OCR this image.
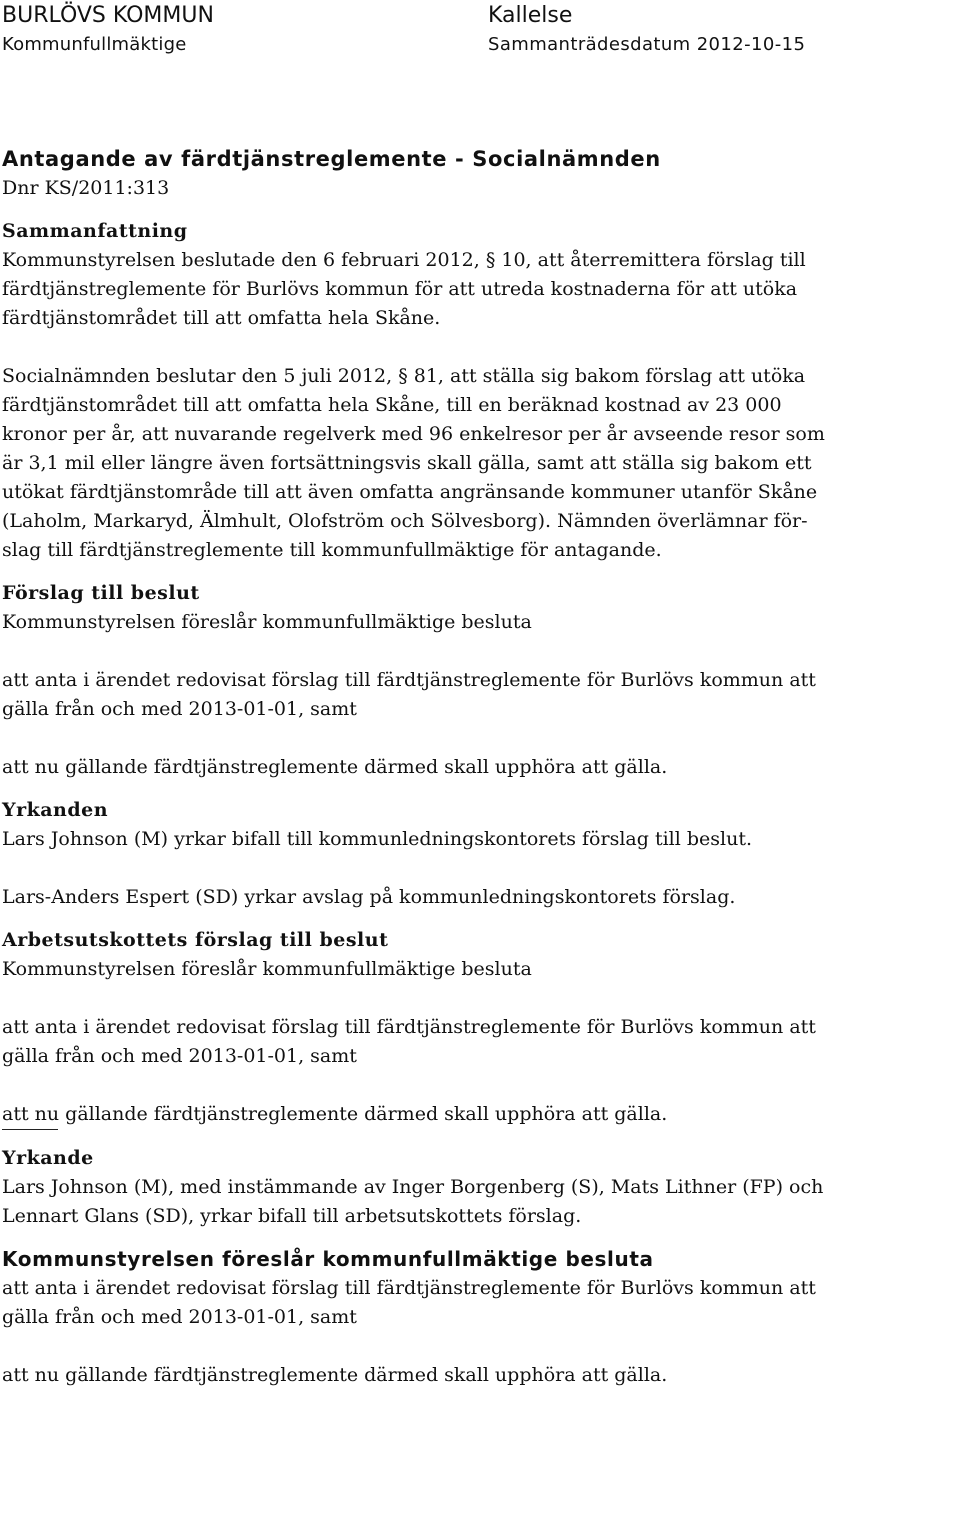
BURLÖVS KOMMUN	Kallelse
Kommunfullmäktige	Sammanträdesdatum 2012-10-15

Antagande av färdtjänstreglemente - Socialnämnden

Dnr KS/2011:313

Sammanfattning

Kommunstyrelsen beslutade den 6 februari 2012, § 10, att återremittera förslag till
färdtjänstreglemente för Burlövs kommun för att utreda kostnaderna för att utöka
färdtjänstområdet till att omfatta hela Skåne.

Socialnämnden beslutar den 5 juli 2012, § 81, att ställa sig bakom förslag att utöka
färdtjänstområdet till att omfatta hela Skåne, till en beräknad kostnad av 23 000
kronor per år, att nuvarande regelverk med 96 enkelresor per år avseende resor som
är 3,1 mil eller längre även fortsättningsvis skall gälla, samt att ställa sig bakom ett
utökat färdtjänstområde till att även omfatta angränsande kommuner utanför Skåne
(Laholm, Markaryd, Älmhult, Olofström och Sölvesborg). Nämnden överlämnar för-
slag till färdtjänstreglemente till kommunfullmäktige för antagande.

Förslag till beslut

Kommunstyrelsen föreslår kommunfullmäktige besluta

att anta i ärendet redovisat förslag till färdtjänstreglemente för Burlövs kommun att
gälla från och med 2013-01-01, samt

att nu gällande färdtjänstreglemente därmed skall upphöra att gälla.

Yrkanden

Lars Johnson (M) yrkar bifall till kommunledningskontorets förslag till beslut.

Lars-Anders Espert (SD) yrkar avslag på kommunledningskontorets förslag.

Arbetsutskottets förslag till beslut

Kommunstyrelsen föreslår kommunfullmäktige besluta

att anta i ärendet redovisat förslag till färdtjänstreglemente för Burlövs kommun att
gälla från och med 2013-01-01, samt

att nu gällande färdtjänstreglemente därmed skall upphöra att gälla.

Yrkande

Lars Johnson (M), med instämmande av Inger Borgenberg (S), Mats Lithner (FP) och
Lennart Glans (SD), yrkar bifall till arbetsutskottets förslag.

Kommunstyrelsen föreslår kommunfullmäktige besluta

att anta i ärendet redovisat förslag till färdtjänstreglemente för Burlövs kommun att
gälla från och med 2013-01-01, samt

att nu gällande färdtjänstreglemente därmed skall upphöra att gälla.
